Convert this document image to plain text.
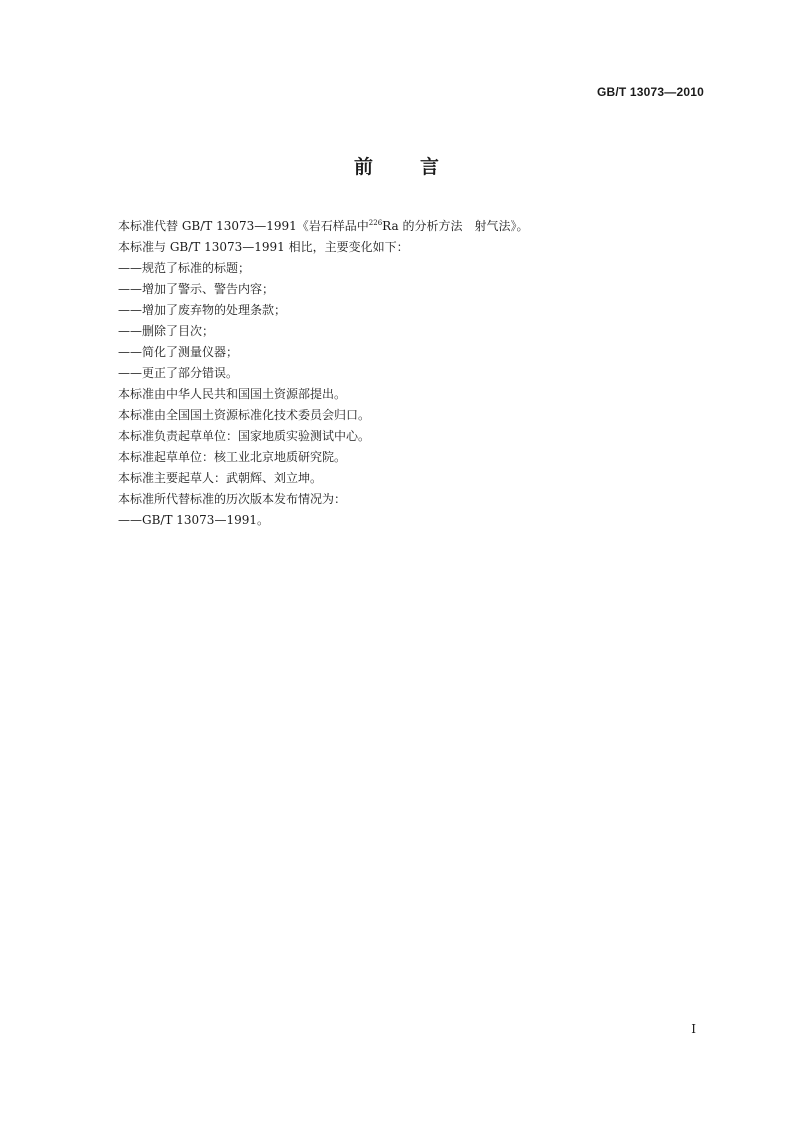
GB/T 13073—2010
前 言
本标准代替 GB/T 13073—1991《岩石样品中$^{226}$Ra 的分析方法　射气法》。
本标准与 GB/T 13073—1991 相比，主要变化如下：
——规范了标准的标题；
——增加了警示、警告内容；
——增加了废弃物的处理条款；
——删除了目次；
——简化了测量仪器；
——更正了部分错误。
本标准由中华人民共和国国土资源部提出。
本标准由全国国土资源标准化技术委员会归口。
本标准负责起草单位：国家地质实验测试中心。
本标准起草单位：核工业北京地质研究院。
本标准主要起草人：武朝辉、刘立坤。
本标准所代替标准的历次版本发布情况为：
——GB/T 13073—1991。
I
